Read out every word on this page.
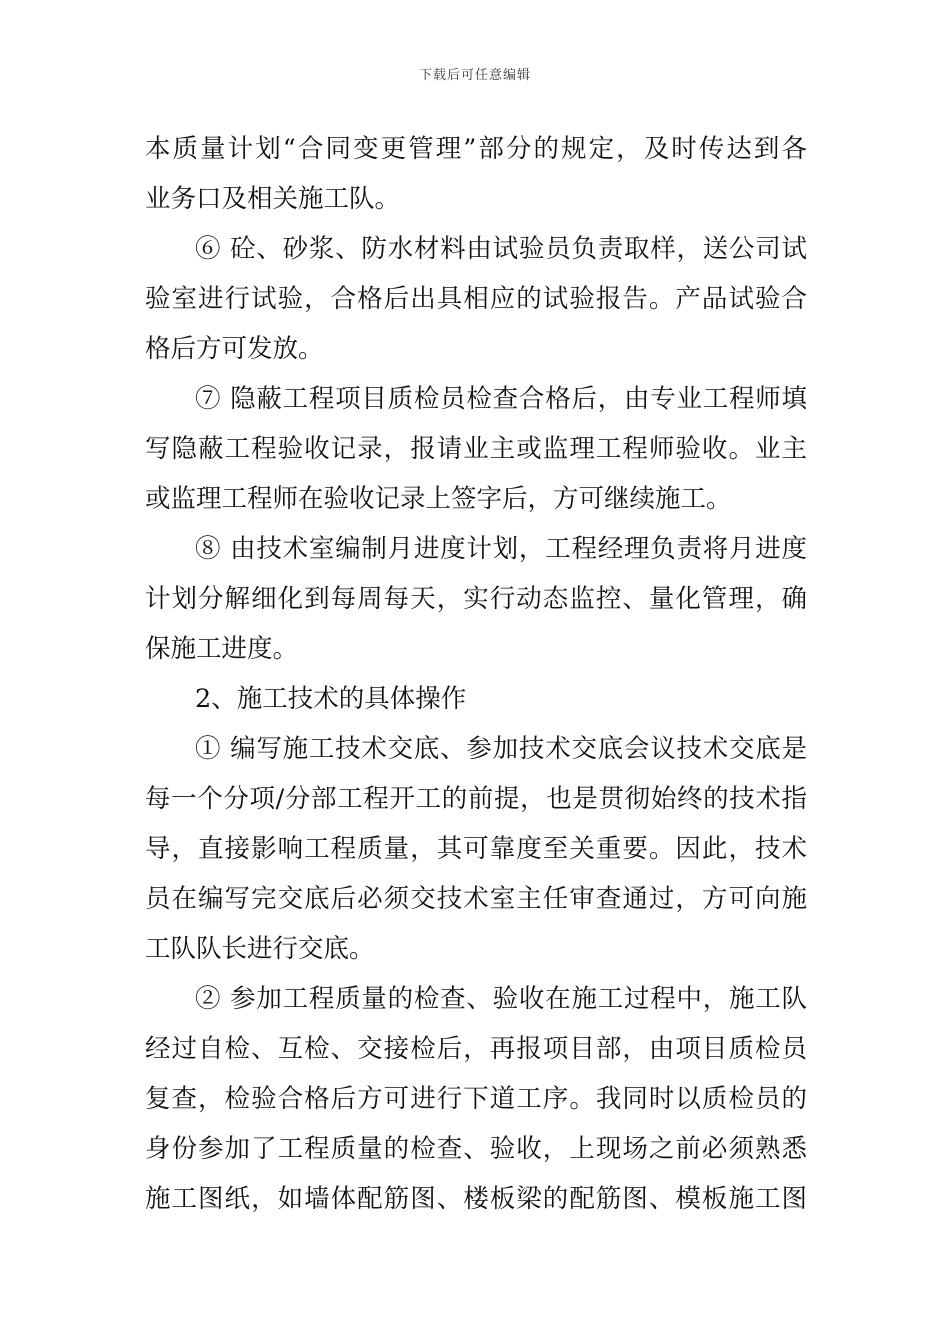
下载后可任意编辑
本质量计划“合同变更管理”部分的规定，及时传达到各
业务口及相关施工队。
⑥ 砼、砂浆、防水材料由试验员负责取样，送公司试
验室进行试验，合格后出具相应的试验报告。产品试验合
格后方可发放。
⑦ 隐蔽工程项目质检员检查合格后，由专业工程师填
写隐蔽工程验收记录，报请业主或监理工程师验收。业主
或监理工程师在验收记录上签字后，方可继续施工。
⑧ 由技术室编制月进度计划，工程经理负责将月进度
计划分解细化到每周每天，实行动态监控、量化管理，确
保施工进度。
2、施工技术的具体操作
① 编写施工技术交底、参加技术交底会议技术交底是
每一个分项/分部工程开工的前提，也是贯彻始终的技术指
导，直接影响工程质量，其可靠度至关重要。因此，技术
员在编写完交底后必须交技术室主任审查通过，方可向施
工队队长进行交底。
② 参加工程质量的检查、验收在施工过程中，施工队
经过自检、互检、交接检后，再报项目部，由项目质检员
复查，检验合格后方可进行下道工序。我同时以质检员的
身份参加了工程质量的检查、验收，上现场之前必须熟悉
施工图纸，如墙体配筋图、楼板梁的配筋图、模板施工图
